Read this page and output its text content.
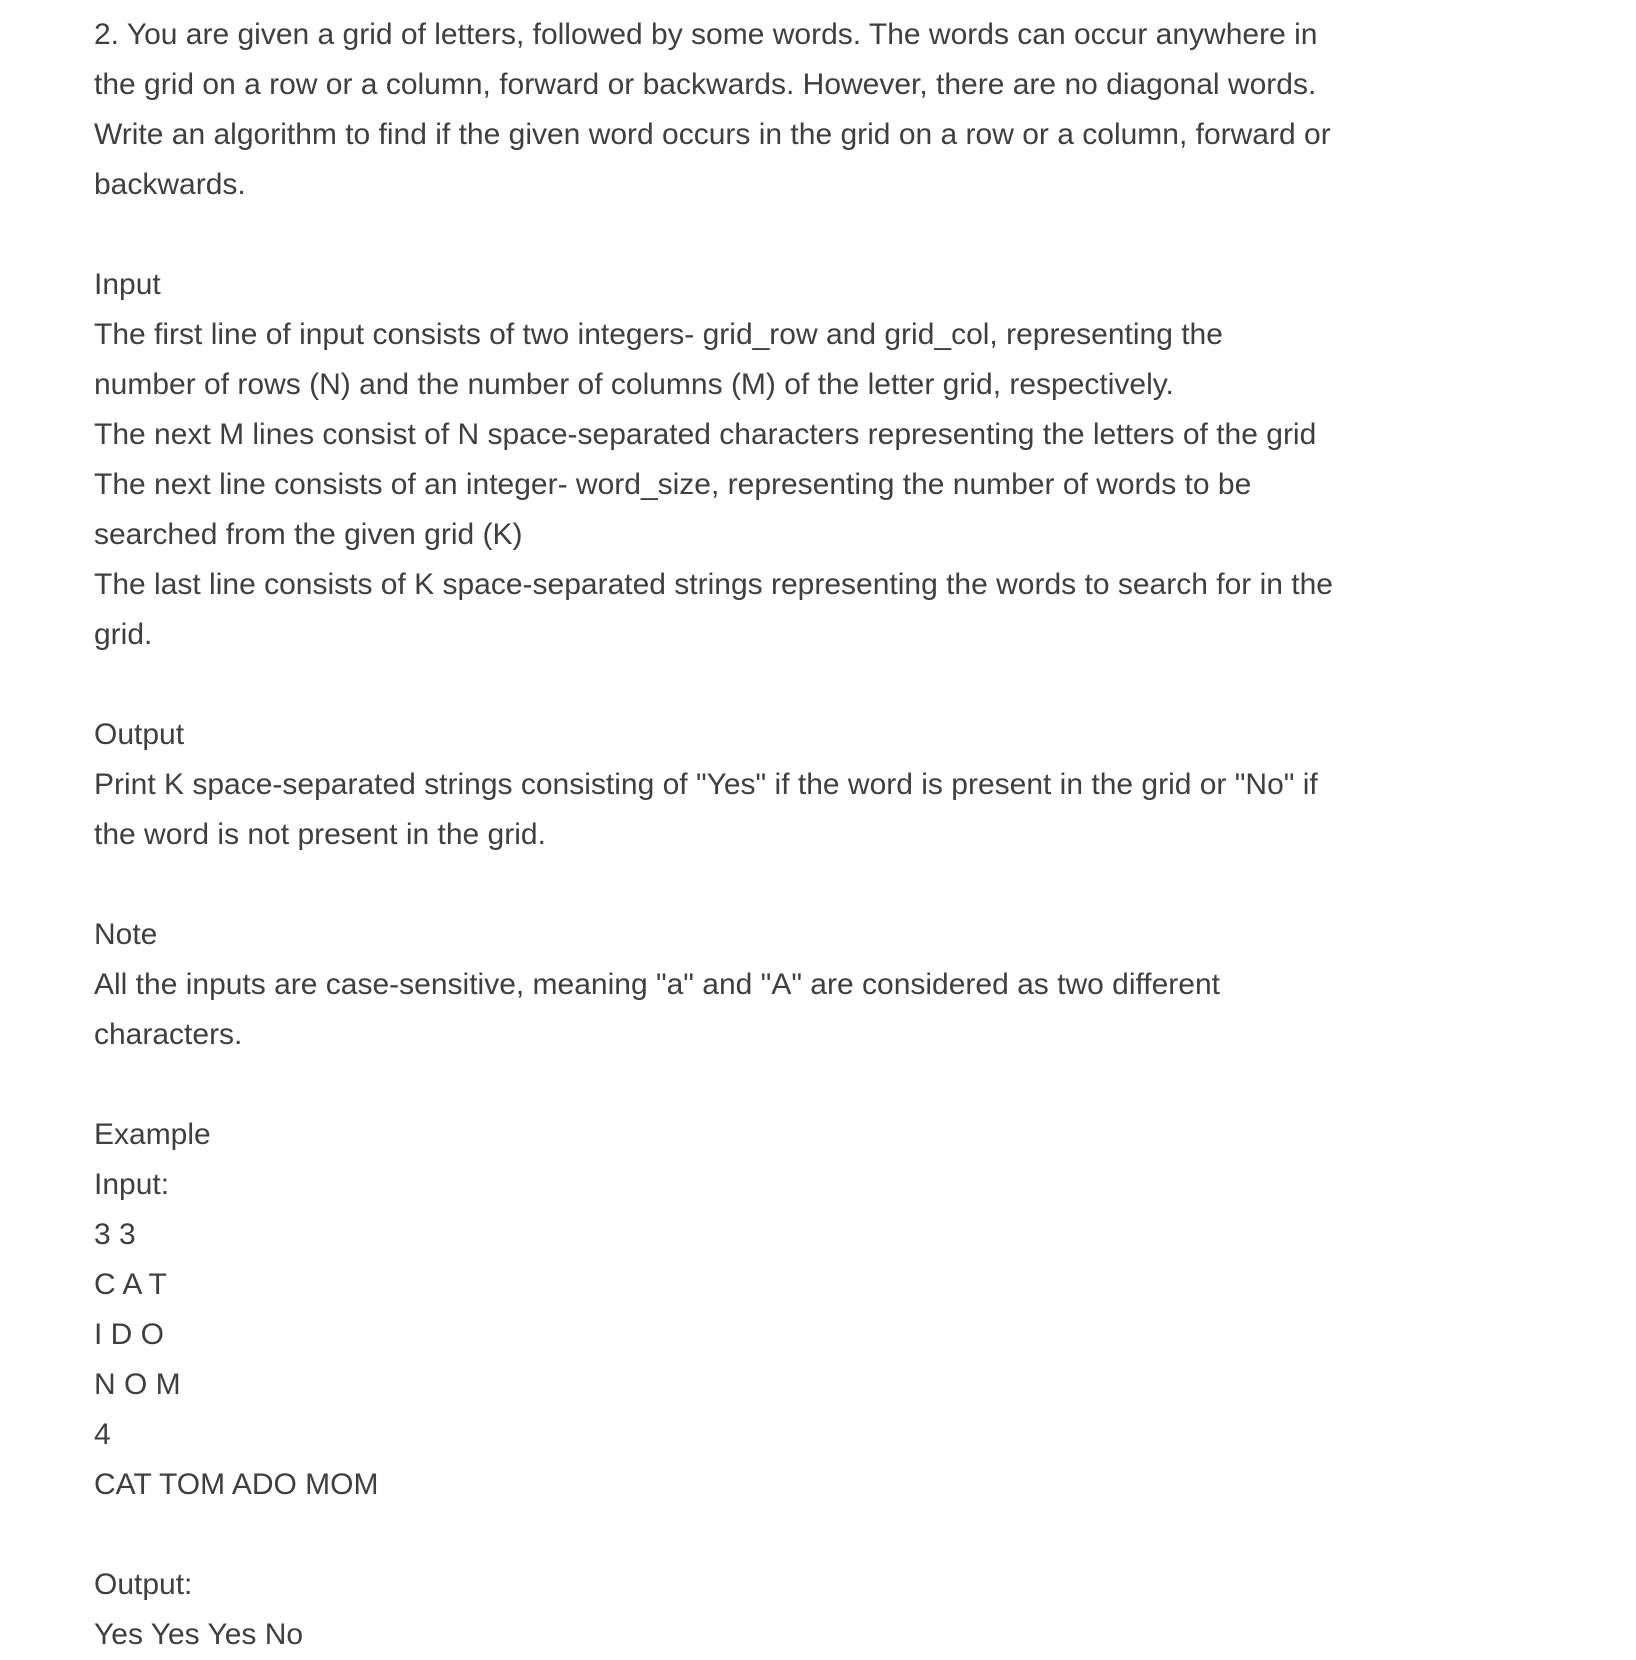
2. You are given a grid of letters, followed by some words. The words can occur anywhere in
the grid on a row or a column, forward or backwards. However, there are no diagonal words.
Write an algorithm to find if the given word occurs in the grid on a row or a column, forward or
backwards.
Input
The first line of input consists of two integers- grid_row and grid_col, representing the
number of rows (N) and the number of columns (M) of the letter grid, respectively.
The next M lines consist of N space-separated characters representing the letters of the grid
The next line consists of an integer- word_size, representing the number of words to be
searched from the given grid (K)
The last line consists of K space-separated strings representing the words to search for in the
grid.
Output
Print K space-separated strings consisting of "Yes" if the word is present in the grid or "No" if
the word is not present in the grid.
Note
All the inputs are case-sensitive, meaning "a" and "A" are considered as two different
characters.
Example
Input:
3 3
C A T
I D O
N O M
4
CAT TOM ADO MOM
Output:
Yes Yes Yes No
